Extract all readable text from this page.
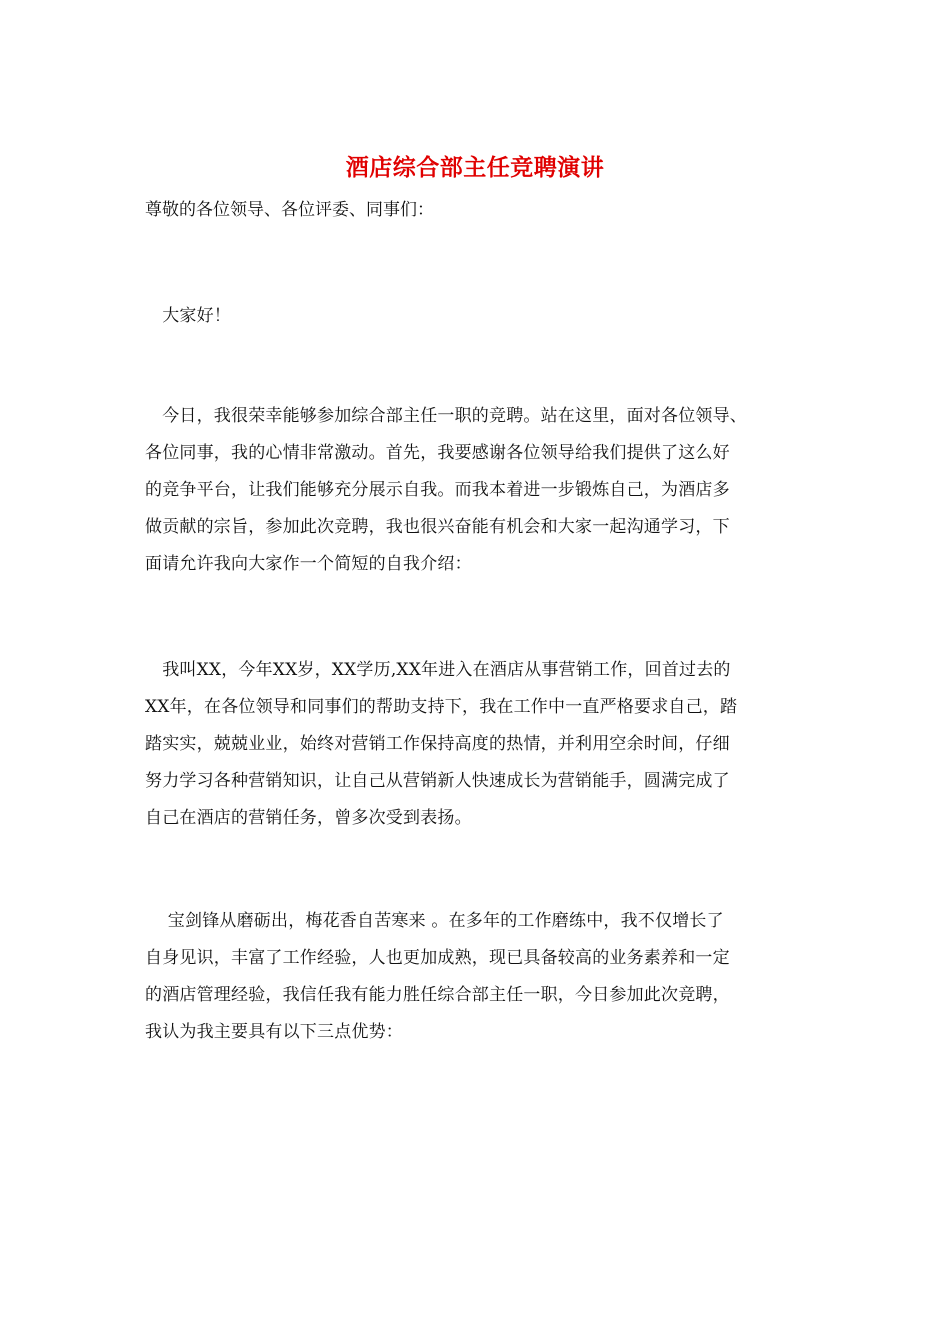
酒店综合部主任竞聘演讲
尊敬的各位领导、各位评委、同事们：
　大家好！
　今日，我很荣幸能够参加综合部主任一职的竞聘。站在这里，面对各位领导、
各位同事，我的心情非常激动。首先，我要感谢各位领导给我们提供了这么好
的竞争平台，让我们能够充分展示自我。而我本着进一步锻炼自己，为酒店多
做贡献的宗旨，参加此次竞聘，我也很兴奋能有机会和大家一起沟通学习，下
面请允许我向大家作一个简短的自我介绍：
　我叫XX，今年XX岁，XX学历,XX年进入在酒店从事营销工作，回首过去的
XX年，在各位领导和同事们的帮助支持下，我在工作中一直严格要求自己，踏
踏实实，兢兢业业，始终对营销工作保持高度的热情，并利用空余时间，仔细
努力学习各种营销知识，让自己从营销新人快速成长为营销能手，圆满完成了
自己在酒店的营销任务，曾多次受到表扬。
　 宝剑锋从磨砺出，梅花香自苦寒来 。在多年的工作磨练中，我不仅增长了
自身见识，丰富了工作经验，人也更加成熟，现已具备较高的业务素养和一定
的酒店管理经验，我信任我有能力胜任综合部主任一职，今日参加此次竞聘，
我认为我主要具有以下三点优势：
